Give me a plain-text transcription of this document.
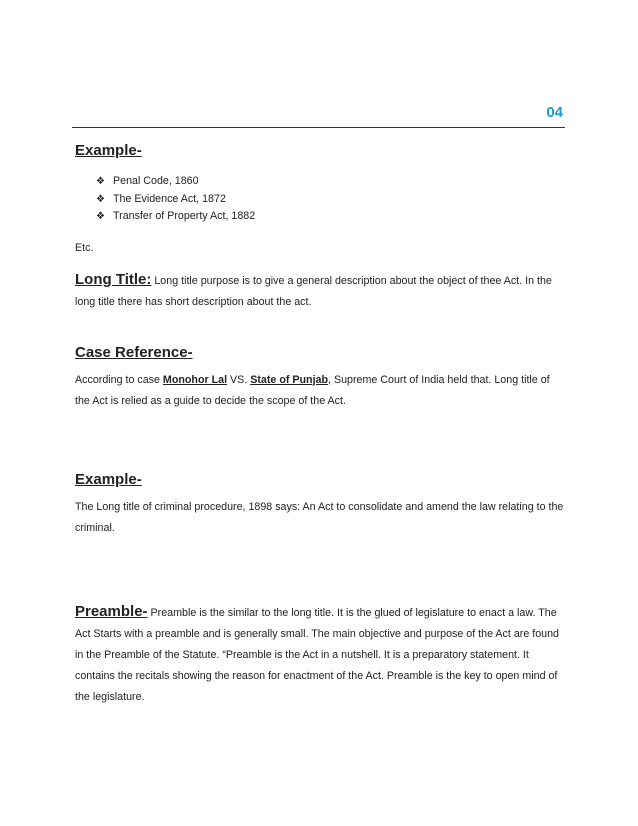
04
Example-
❖ Penal Code, 1860
❖ The Evidence Act, 1872
❖ Transfer of Property Act, 1882

Etc.

Long Title: Long title purpose is to give a general description about the object of thee Act. In the long title there has short description about the act.

Case Reference-

According to case Monohor Lal VS. State of Punjab, Supreme Court of India held that. Long title of the Act is relied as a guide to decide the scope of the Act.

Example-

The Long title of criminal procedure, 1898 says: An Act to consolidate and amend the law relating to the criminal.

Preamble- Preamble is the similar to the long title. It is the glued of legislature to enact a law. The Act Starts with a preamble and is generally small. The main objective and purpose of the Act are found in the Preamble of the Statute. “Preamble is the Act in a nutshell. It is a preparatory statement. It contains the recitals showing the reason for enactment of the Act. Preamble is the key to open mind of the legislature.
